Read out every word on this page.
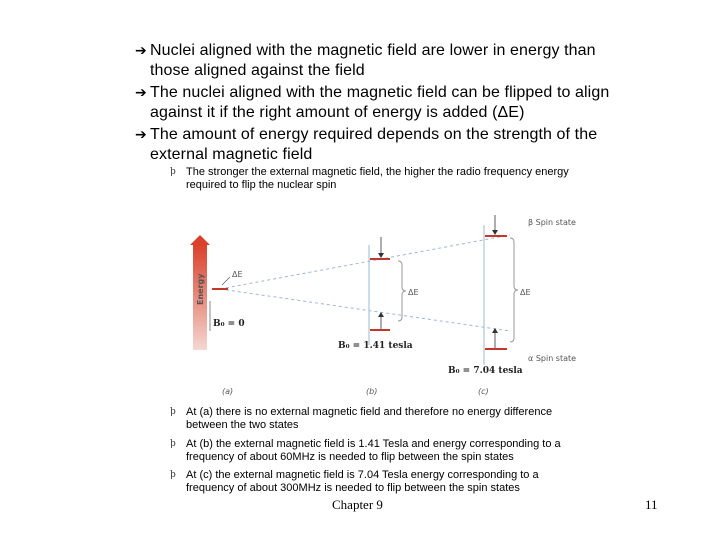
➔ Nuclei aligned with the magnetic field are lower in energy than
those aligned against the field
➔ The nuclei aligned with the magnetic field can be flipped to align
against it if the right amount of energy is added (ΔE)
➔ The amount of energy required depends on the strength of the
external magnetic field
ϸ The stronger the external magnetic field, the higher the radio frequency energy
required to flip the nuclear spin
Energy	ΔE
B₀ = 0
ΔE
B₀ = 1.41 tesla
ΔE
B₀ = 7.04 tesla
β Spin state
α Spin state
(a)	(b)	(c)
ϸ At (a) there is no external magnetic field and therefore no energy difference
between the two states
ϸ At (b) the external magnetic field is 1.41 Tesla and energy corresponding to a
frequency of about 60MHz is needed to flip between the spin states
ϸ At (c) the external magnetic field is 7.04 Tesla energy corresponding to a
frequency of about 300MHz is needed to flip between the spin states
Chapter 9	11
